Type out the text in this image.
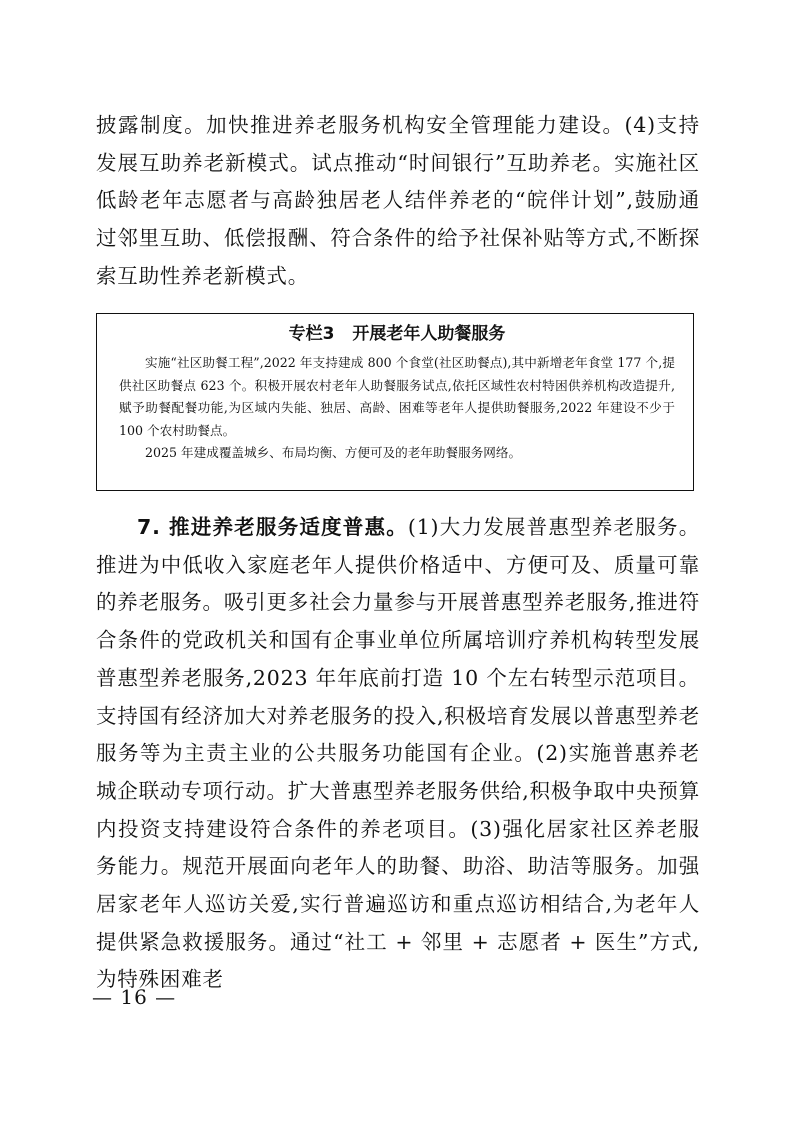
披露制度。加快推进养老服务机构安全管理能力建设。(4)支持发展互助养老新模式。试点推动“时间银行”互助养老。实施社区低龄老年志愿者与高龄独居老人结伴养老的“皖伴计划”,鼓励通过邻里互助、低偿报酬、符合条件的给予社保补贴等方式,不断探索互助性养老新模式。

专栏3 开展老年人助餐服务

实施“社区助餐工程”,2022 年支持建成 800 个食堂(社区助餐点),其中新增老年食堂 177 个,提供社区助餐点 623 个。积极开展农村老年人助餐服务试点,依托区域性农村特困供养机构改造提升,赋予助餐配餐功能,为区域内失能、独居、高龄、困难等老年人提供助餐服务,2022 年建设不少于 100 个农村助餐点。

2025 年建成覆盖城乡、布局均衡、方便可及的老年助餐服务网络。

7. 推进养老服务适度普惠。(1)大力发展普惠型养老服务。推进为中低收入家庭老年人提供价格适中、方便可及、质量可靠的养老服务。吸引更多社会力量参与开展普惠型养老服务,推进符合条件的党政机关和国有企事业单位所属培训疗养机构转型发展普惠型养老服务,2023 年年底前打造 10 个左右转型示范项目。支持国有经济加大对养老服务的投入,积极培育发展以普惠型养老服务等为主责主业的公共服务功能国有企业。(2)实施普惠养老城企联动专项行动。扩大普惠型养老服务供给,积极争取中央预算内投资支持建设符合条件的养老项目。(3)强化居家社区养老服务能力。规范开展面向老年人的助餐、助浴、助洁等服务。加强居家老年人巡访关爱,实行普遍巡访和重点巡访相结合,为老年人提供紧急救援服务。通过“社工 + 邻里 + 志愿者 + 医生”方式,为特殊困难老

— 16 —
